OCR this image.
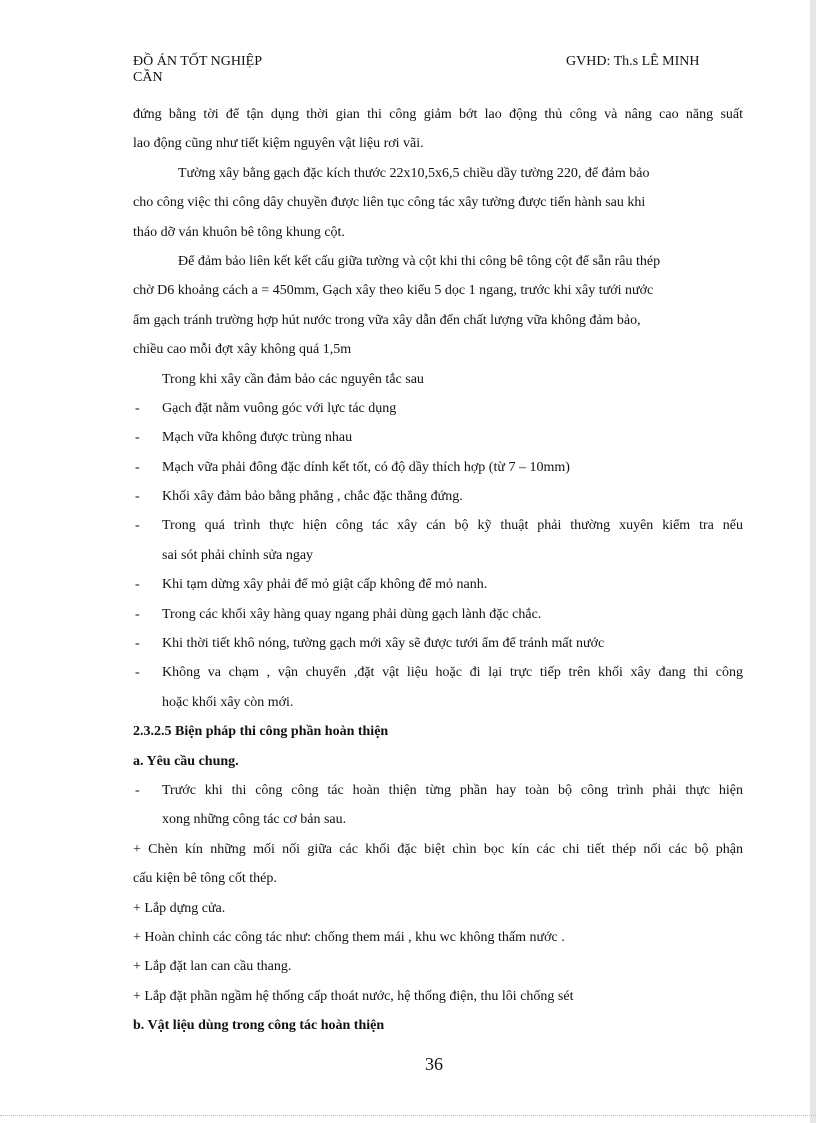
ĐỒ ÁN TỐT NGHIỆP
CẦN
GVHD: Th.s LÊ MINH
đứng bằng tời để tận dụng thời gian thi công giảm bớt lao động thủ công và nâng cao năng suất
lao động cũng như tiết kiệm nguyên vật liệu rơi vãi.
Tường xây bằng gạch đặc kích thước 22x10,5x6,5 chiều dầy tường 220, để đảm bảo
cho công việc thi công dây chuyền được liên tục công tác xây tường được tiến hành sau khi
tháo dỡ ván khuôn bê tông khung cột.
Để đảm bảo liên kết kết cấu giữa tường và cột khi thi công bê tông cột để sẵn râu thép
chờ D6 khoảng cách a = 450mm, Gạch xây theo kiểu 5 dọc 1 ngang, trước khi xây tưới nước
ẩm gạch tránh trường hợp hút nước trong vữa xây dẫn đến chất lượng vữa không đảm bảo,
chiều cao mỗi đợt xây không quá 1,5m
Trong khi xây cần đảm bảo các nguyên tắc sau
-	Gạch đặt nằm vuông góc với lực tác dụng
-	Mạch vữa không được trùng nhau
-	Mạch vữa phải đông đặc dính kết tốt, có độ dầy thích hợp (từ 7 – 10mm)
-	Khối xây đảm bảo bằng phẳng , chắc đặc thẳng đứng.
-	Trong quá trình thực hiện công tác xây cán bộ kỹ thuật phải thường xuyên kiểm tra nếu
sai sót phải chỉnh sửa ngay
-	Khi tạm dừng xây phải để mỏ giật cấp không để mỏ nanh.
-	Trong các khối xây hàng quay ngang phải dùng gạch lành đặc chắc.
-	Khi thời tiết khô nóng, tường gạch mới xây sẽ được tưới ẩm để tránh mất nước
-	Không va chạm , vận chuyển ,đặt vật liệu hoặc đi lại trực tiếp trên khối xây đang thi công
hoặc khối xây còn mới.
2.3.2.5 Biện pháp thi công phần hoàn thiện
a. Yêu cầu chung.
-	Trước khi thi công công tác hoàn thiện từng phần hay toàn bộ công trình phải thực hiện
xong những công tác cơ bản sau.
+ Chèn kín những mối nối giữa các khối đặc biệt chìn bọc kín các chi tiết thép nối các bộ phận
cấu kiện bê tông cốt thép.
+ Lắp dựng cửa.
+ Hoàn chỉnh các công tác như: chống them mái , khu wc không thấm nước .
+ Lắp đặt lan can cầu thang.
+ Lắp đặt phần ngầm hệ thống cấp thoát nước, hệ thống điện, thu lôi chống sét
b. Vật liệu dùng trong công tác hoàn thiện
36
